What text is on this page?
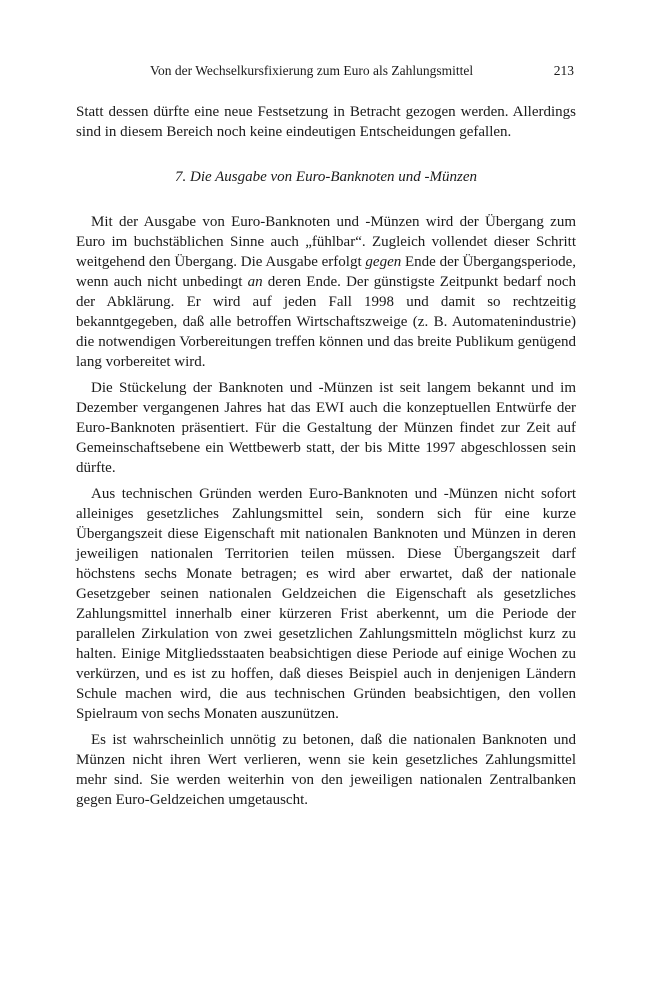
Von der Wechselkursfixierung zum Euro als Zahlungsmittel	213

Statt dessen dürfte eine neue Festsetzung in Betracht gezogen werden. Allerdings sind in diesem Bereich noch keine eindeutigen Entscheidungen gefallen.

7. Die Ausgabe von Euro-Banknoten und -Münzen

Mit der Ausgabe von Euro-Banknoten und -Münzen wird der Übergang zum Euro im buchstäblichen Sinne auch „fühlbar“. Zugleich vollendet dieser Schritt weitgehend den Übergang. Die Ausgabe erfolgt gegen Ende der Übergangsperiode, wenn auch nicht unbedingt an deren Ende. Der günstigste Zeitpunkt bedarf noch der Abklärung. Er wird auf jeden Fall 1998 und damit so rechtzeitig bekanntgegeben, daß alle betroffen Wirtschaftszweige (z. B. Automatenindustrie) die notwendigen Vorbereitungen treffen können und das breite Publikum genügend lang vorbereitet wird.

Die Stückelung der Banknoten und -Münzen ist seit langem bekannt und im Dezember vergangenen Jahres hat das EWI auch die konzeptuellen Entwürfe der Euro-Banknoten präsentiert. Für die Gestaltung der Münzen findet zur Zeit auf Gemeinschaftsebene ein Wettbewerb statt, der bis Mitte 1997 abgeschlossen sein dürfte.

Aus technischen Gründen werden Euro-Banknoten und -Münzen nicht sofort alleiniges gesetzliches Zahlungsmittel sein, sondern sich für eine kurze Übergangszeit diese Eigenschaft mit nationalen Banknoten und Münzen in deren jeweiligen nationalen Territorien teilen müssen. Diese Übergangszeit darf höchstens sechs Monate betragen; es wird aber erwartet, daß der nationale Gesetzgeber seinen nationalen Geldzeichen die Eigenschaft als gesetzliches Zahlungsmittel innerhalb einer kürzeren Frist aberkennt, um die Periode der parallelen Zirkulation von zwei gesetzlichen Zahlungsmitteln möglichst kurz zu halten. Einige Mitgliedsstaaten beabsichtigen diese Periode auf einige Wochen zu verkürzen, und es ist zu hoffen, daß dieses Beispiel auch in denjenigen Ländern Schule machen wird, die aus technischen Gründen beabsichtigen, den vollen Spielraum von sechs Monaten auszunützen.

Es ist wahrscheinlich unnötig zu betonen, daß die nationalen Banknoten und Münzen nicht ihren Wert verlieren, wenn sie kein gesetzliches Zahlungsmittel mehr sind. Sie werden weiterhin von den jeweiligen nationalen Zentralbanken gegen Euro-Geldzeichen umgetauscht.
